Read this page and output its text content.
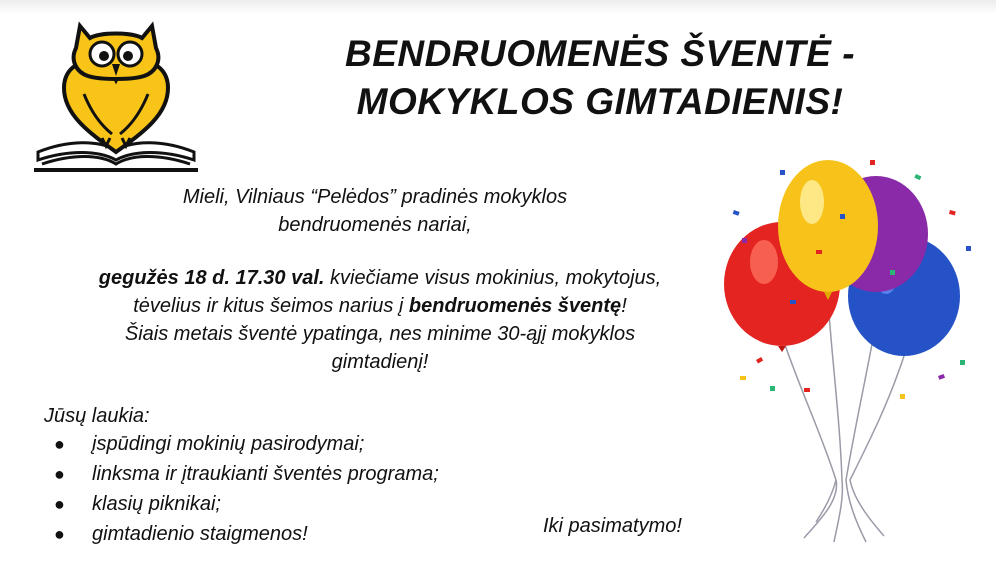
BENDRUOMENĖS ŠVENTĖ -
MOKYKLOS GIMTADIENIS!
Mieli, Vilniaus “Pelėdos” pradinės mokyklos
bendruomenės nariai,
gegužės 18 d. 17.30 val. kviečiame visus mokinius, mokytojus,
tėvelius ir kitus šeimos narius į bendruomenės šventę!
Šiais metais šventė ypatinga, nes minime 30-ąjį mokyklos
gimtadienį!
Jūsų laukia:
● įspūdingi mokinių pasirodymai;
● linksma ir įtraukianti šventės programa;
● klasių piknikai;
● gimtadienio staigmenos!	Iki pasimatymo!
